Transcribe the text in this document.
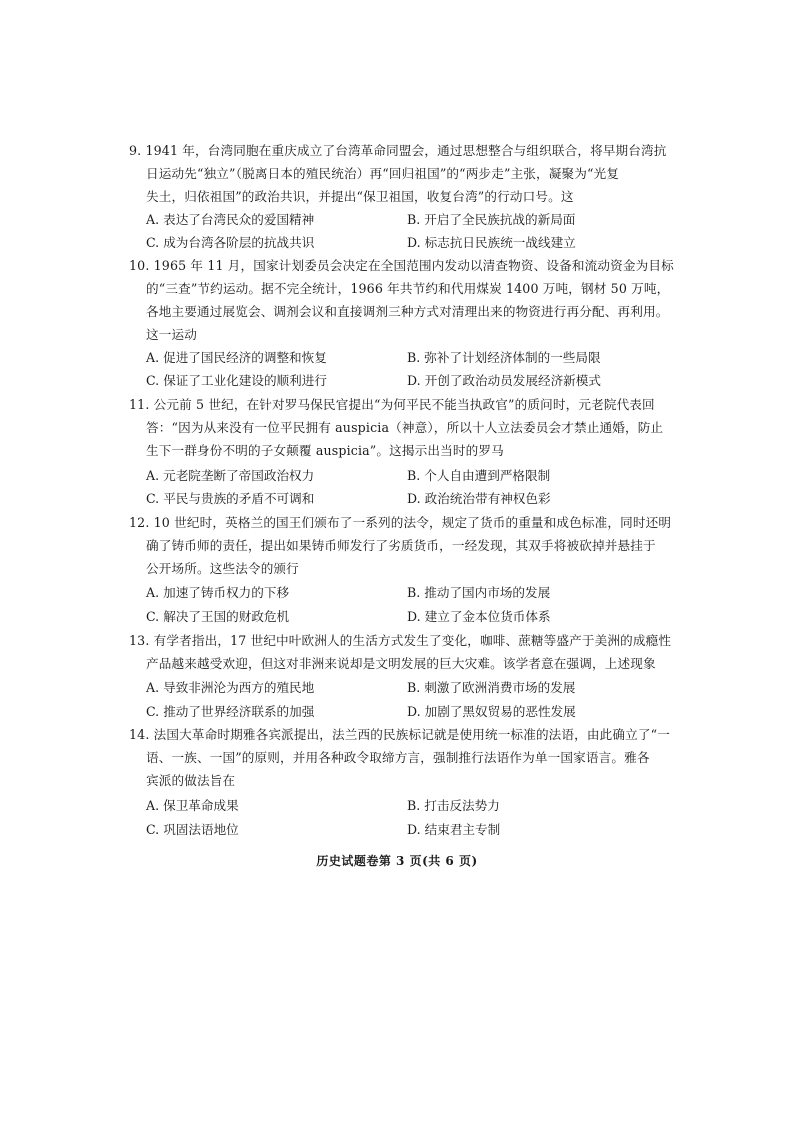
9. 1941 年，台湾同胞在重庆成立了台湾革命同盟会，通过思想整合与组织联合，将早期台湾抗
日运动先“独立”（脱离日本的殖民统治）再“回归祖国”的“两步走”主张，凝聚为“光复
失土，归依祖国”的政治共识，并提出“保卫祖国，收复台湾”的行动口号。这
A. 表达了台湾民众的爱国精神	B. 开启了全民族抗战的新局面
C. 成为台湾各阶层的抗战共识	D. 标志抗日民族统一战线建立
10. 1965 年 11 月，国家计划委员会决定在全国范围内发动以清查物资、设备和流动资金为目标
的“三查”节约运动。据不完全统计，1966 年共节约和代用煤炭 1400 万吨，钢材 50 万吨，
各地主要通过展览会、调剂会议和直接调剂三种方式对清理出来的物资进行再分配、再利用。
这一运动
A. 促进了国民经济的调整和恢复	B. 弥补了计划经济体制的一些局限
C. 保证了工业化建设的顺利进行	D. 开创了政治动员发展经济新模式
11. 公元前 5 世纪，在针对罗马保民官提出“为何平民不能当执政官”的质问时，元老院代表回
答：“因为从来没有一位平民拥有 auspicia（神意），所以十人立法委员会才禁止通婚，防止
生下一群身份不明的子女颠覆 auspicia”。这揭示出当时的罗马
A. 元老院垄断了帝国政治权力	B. 个人自由遭到严格限制
C. 平民与贵族的矛盾不可调和	D. 政治统治带有神权色彩
12. 10 世纪时，英格兰的国王们颁布了一系列的法令，规定了货币的重量和成色标准，同时还明
确了铸币师的责任，提出如果铸币师发行了劣质货币，一经发现，其双手将被砍掉并悬挂于
公开场所。这些法令的颁行
A. 加速了铸币权力的下移	B. 推动了国内市场的发展
C. 解决了王国的财政危机	D. 建立了金本位货币体系
13. 有学者指出，17 世纪中叶欧洲人的生活方式发生了变化，咖啡、蔗糖等盛产于美洲的成瘾性
产品越来越受欢迎，但这对非洲来说却是文明发展的巨大灾难。该学者意在强调，上述现象
A. 导致非洲沦为西方的殖民地	B. 刺激了欧洲消费市场的发展
C. 推动了世界经济联系的加强	D. 加剧了黑奴贸易的恶性发展
14. 法国大革命时期雅各宾派提出，法兰西的民族标记就是使用统一标准的法语，由此确立了“一
语、一族、一国”的原则，并用各种政令取缔方言，强制推行法语作为单一国家语言。雅各
宾派的做法旨在
A. 保卫革命成果	B. 打击反法势力
C. 巩固法语地位	D. 结束君主专制
历史试题卷第 3 页(共 6 页)
